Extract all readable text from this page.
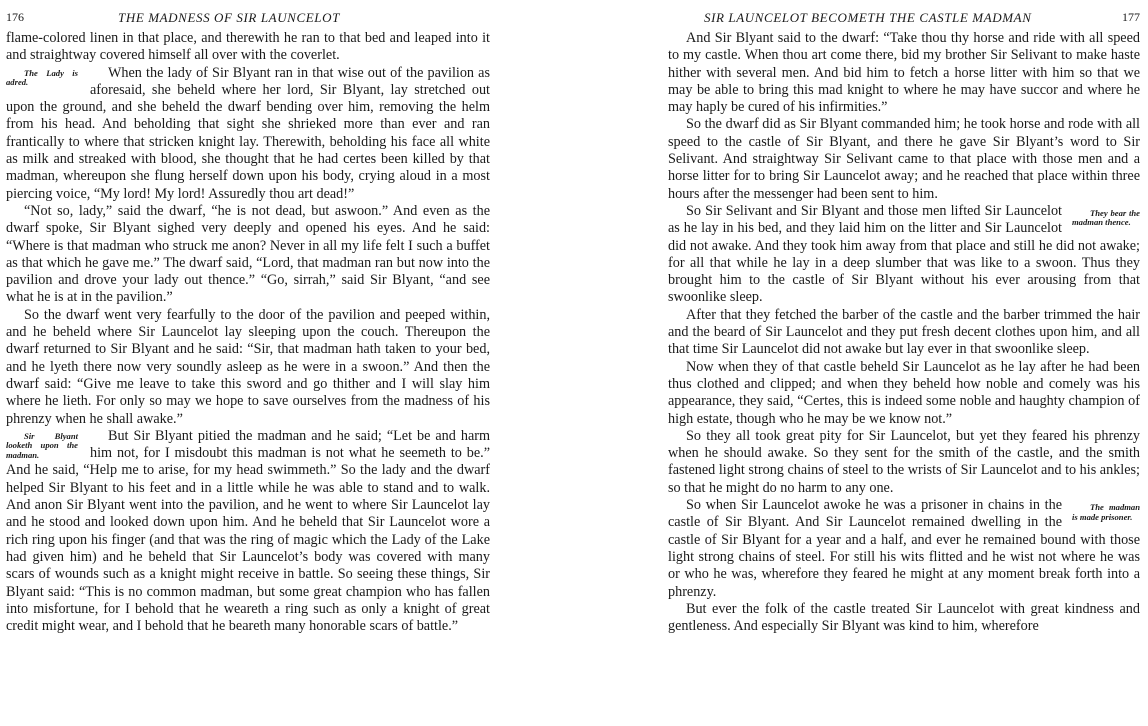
176	THE MADNESS OF SIR LAUNCELOT

flame-colored linen in that place, and therewith he ran to that bed and leaped into it and straightway covered himself all over with the coverlet.

The Lady is adred.
When the lady of Sir Blyant ran in that wise out of the pavilion as aforesaid, she beheld where her lord, Sir Blyant, lay stretched out upon the ground, and she beheld the dwarf bending over him, removing the helm from his head. And beholding that sight she shrieked more than ever and ran frantically to where that stricken knight lay. Therewith, beholding his face all white as milk and streaked with blood, she thought that he had certes been killed by that madman, whereupon she flung herself down upon his body, crying aloud in a most piercing voice, “My lord! My lord! Assuredly thou art dead!”

“Not so, lady,” said the dwarf, “he is not dead, but aswoon.” And even as the dwarf spoke, Sir Blyant sighed very deeply and opened his eyes. And he said: “Where is that madman who struck me anon? Never in all my life felt I such a buffet as that which he gave me.” The dwarf said, “Lord, that madman ran but now into the pavilion and drove your lady out thence.” “Go, sirrah,” said Sir Blyant, “and see what he is at in the pavilion.”

So the dwarf went very fearfully to the door of the pavilion and peeped within, and he beheld where Sir Launcelot lay sleeping upon the couch. Thereupon the dwarf returned to Sir Blyant and he said: “Sir, that madman hath taken to your bed, and he lyeth there now very soundly asleep as he were in a swoon.” And then the dwarf said: “Give me leave to take this sword and go thither and I will slay him where he lieth. For only so may we hope to save ourselves from the madness of his phrenzy when he shall awake.”

Sir Blyant looketh upon the madman.
But Sir Blyant pitied the madman and he said; “Let be and harm him not, for I misdoubt this madman is not what he seemeth to be.” And he said, “Help me to arise, for my head swimmeth.” So the lady and the dwarf helped Sir Blyant to his feet and in a little while he was able to stand and to walk. And anon Sir Blyant went into the pavilion, and he went to where Sir Launcelot lay and he stood and looked down upon him. And he beheld that Sir Launcelot wore a rich ring upon his finger (and that was the ring of magic which the Lady of the Lake had given him) and he beheld that Sir Launcelot’s body was covered with many scars of wounds such as a knight might receive in battle. So seeing these things, Sir Blyant said: “This is no common madman, but some great champion who has fallen into misfortune, for I behold that he weareth a ring such as only a knight of great credit might wear, and I behold that he beareth many honorable scars of battle.”

SIR LAUNCELOT BECOMETH THE CASTLE MADMAN	177

And Sir Blyant said to the dwarf: “Take thou thy horse and ride with all speed to my castle. When thou art come there, bid my brother Sir Selivant to make haste hither with several men. And bid him to fetch a horse litter with him so that we may be able to bring this mad knight to where he may have succor and where he may haply be cured of his infirmities.”

So the dwarf did as Sir Blyant commanded him; he took horse and rode with all speed to the castle of Sir Blyant, and there he gave Sir Blyant’s word to Sir Selivant. And straightway Sir Selivant came to that place with those men and a horse litter for to bring Sir Launcelot away; and he reached that place within three hours after the messenger had been sent to him.

They bear the madman thence.
So Sir Selivant and Sir Blyant and those men lifted Sir Launcelot as he lay in his bed, and they laid him on the litter and Sir Launcelot did not awake. And they took him away from that place and still he did not awake; for all that while he lay in a deep slumber that was like to a swoon. Thus they brought him to the castle of Sir Blyant without his ever arousing from that swoonlike sleep.

After that they fetched the barber of the castle and the barber trimmed the hair and the beard of Sir Launcelot and they put fresh decent clothes upon him, and all that time Sir Launcelot did not awake but lay ever in that swoonlike sleep.

Now when they of that castle beheld Sir Launcelot as he lay after he had been thus clothed and clipped; and when they beheld how noble and comely was his appearance, they said, “Certes, this is indeed some noble and haughty champion of high estate, though who he may be we know not.”

So they all took great pity for Sir Launcelot, but yet they feared his phrenzy when he should awake. So they sent for the smith of the castle, and the smith fastened light strong chains of steel to the wrists of Sir Launcelot and to his ankles; so that he might do no harm to any one.

The madman is made prisoner.
So when Sir Launcelot awoke he was a prisoner in chains in the castle of Sir Blyant. And Sir Launcelot remained dwelling in the castle of Sir Blyant for a year and a half, and ever he remained bound with those light strong chains of steel. For still his wits flitted and he wist not where he was or who he was, wherefore they feared he might at any moment break forth into a phrenzy.

But ever the folk of the castle treated Sir Launcelot with great kindness and gentleness. And especially Sir Blyant was kind to him, wherefore
